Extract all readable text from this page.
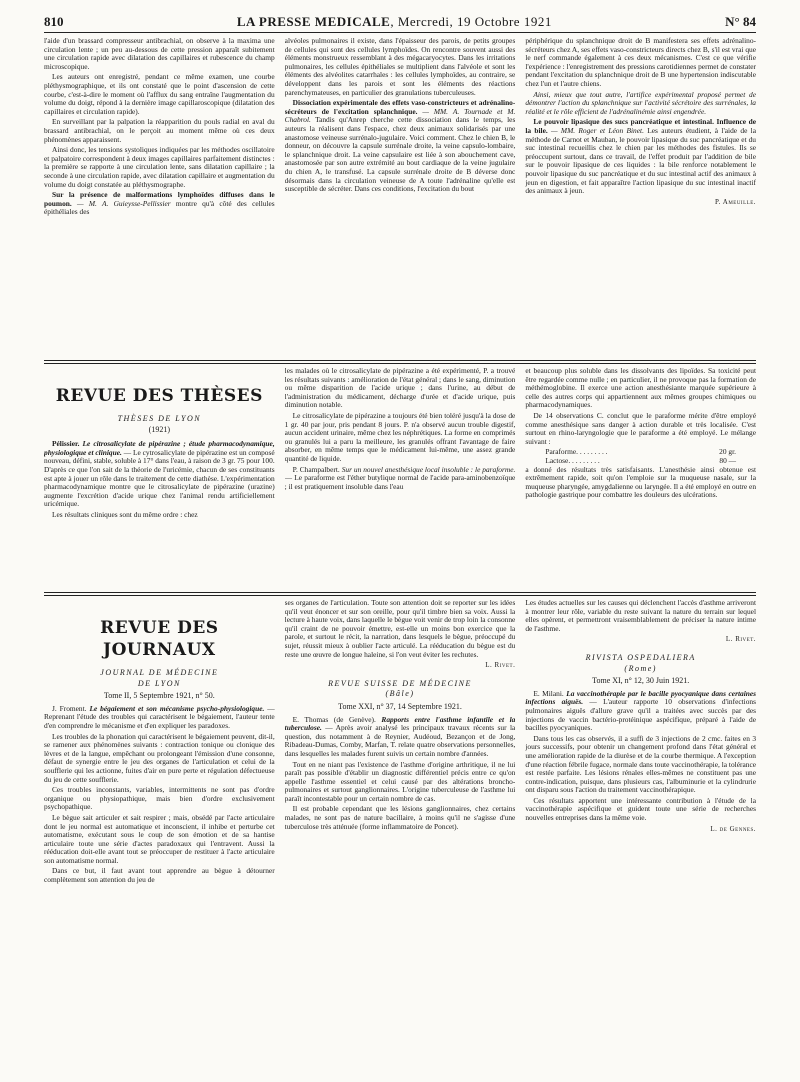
810	LA PRESSE MEDICALE, Mercredi, 19 Octobre 1921	N° 84

l'aide d'un brassard compresseur antibrachial, on observe à la maxima une circulation lente ; un peu au-dessous de cette pression apparaît subitement une circulation rapide avec dilatation des capillaires et rubescence du champ microscopique.

Les auteurs ont enregistré, pendant ce même examen, une courbe pléthysmographique, et ils ont constaté que le point d'ascension de cette courbe, c'est-à-dire le moment où l'afflux du sang entraîne l'augmentation du volume du doigt, répond à la dernière image capillaroscopique (dilatation des capillaires et circulation rapide).

En surveillant par la palpation la réapparition du pouls radial en aval du brassard antibrachial, on le perçoit au moment même où ces deux phénomènes apparaissent.

Ainsi donc, les tensions systoliques indiquées par les méthodes oscillatoire et palpatoire correspondent à deux images capillaires parfaitement distinctes : la première se rapporte à une circulation lente, sans dilatation capillaire ; la seconde à une circulation rapide, avec dilatation capillaire et augmentation du volume du doigt constatée au pléthysmographe.

Sur la présence de malformations lymphoïdes diffuses dans le poumon. — M. A. Guieysse-Pellissier montre qu'à côté des cellules épithéliales des

alvéoles pulmonaires il existe, dans l'épaisseur des parois, de petits groupes de cellules qui sont des cellules lymphoïdes. On rencontre souvent aussi des éléments monstrueux ressemblant à des mégacaryocytes. Dans les irritations pulmonaires, les cellules épithéliales se multiplient dans l'alvéole et sont les éléments des alvéolites catarrhales : les cellules lymphoïdes, au contraire, se développent dans les parois et sont les éléments des réactions parenchymateuses, en particulier des granulations tuberculeuses.

Dissociation expérimentale des effets vaso-constricteurs et adrénalino-sécréteurs de l'excitation splanchnique. — MM. A. Tournade et M. Chabrol. Tandis qu'Anrep cherche cette dissociation dans le temps, les auteurs la réalisent dans l'espace, chez deux animaux solidarisés par une anastomose veineuse surrénalo-jugulaire. Voici comment. Chez le chien B, le donneur, on découvre la capsule surrénale droite, la veine capsulo-lombaire, le splanchnique droit. La veine capsulaire est liée à son abouchement cave, anastomosée par son autre extrémité au bout cardiaque de la veine jugulaire du chien A, le transfusé. La capsule surrénale droite de B déverse donc désormais dans la circulation veineuse de A toute l'adrénaline qu'elle est susceptible de sécréter. Dans ces conditions, l'excitation du bout

périphérique du splanchnique droit de B manifestera ses effets adrénalino-sécréteurs chez A, ses effets vaso-constricteurs directs chez B, s'il est vrai que le nerf commande également à ces deux mécanismes. C'est ce que vérifie l'expérience : l'enregistrement des pressions carotidiennes permet de constater pendant l'excitation du splanchnique droit de B une hypertension indiscutable chez l'un et l'autre chiens.

Ainsi, mieux que tout autre, l'artifice expérimental proposé permet de démontrer l'action du splanchnique sur l'activité sécrétoire des surrénales, la réalité et le rôle efficient de l'adrénalinémie ainsi engendrée.

Le pouvoir lipasique des sucs pancréatique et intestinal. Influence de la bile. — MM. Roger et Léon Binet. Les auteurs étudient, à l'aide de la méthode de Carnot et Mauban, le pouvoir lipasique du suc pancréatique et du suc intestinal recueillis chez le chien par les méthodes des fistules. Ils se préoccupent surtout, dans ce travail, de l'effet produit par l'addition de bile sur le pouvoir lipasique de ces liquides : la bile renforce notablement le pouvoir lipasique du suc pancréatique et du suc intestinal actif des animaux à jeun en digestion, et fait apparaître l'action lipasique du suc intestinal inactif des animaux à jeun.

P. Ameuille.
REVUE DES THÈSES
THÈSES DE LYON
(1921)

Pélissier. Le citrosalicylate de pipérazine ; étude pharmacodynamique, physiologique et clinique. — Le cytrosalicylate de pipérazine est un composé nouveau, défini, stable, soluble à 17° dans l'eau, à raison de 3 gr. 75 pour 100. D'après ce que l'on sait de la théorie de l'uricémie, chacun de ses constituants est apte à jouer un rôle dans le traitement de cette diathèse. L'expérimentation pharmacodynamique montre que le citrosalicylate de pipérazine (urazine) augmente l'excrétion d'acide urique chez l'animal rendu artificiellement uricémique.

Les résultats cliniques sont du même ordre : chez

les malades où le citrosalicylate de pipérazine a été expérimenté, P. a trouvé les résultats suivants : amélioration de l'état général ; dans le sang, diminution ou même disparition de l'acide urique ; dans l'urine, au début de l'administration du médicament, décharge d'urée et d'acide urique, puis diminution notable.

Le citrosalicylate de pipérazine a toujours été bien toléré jusqu'à la dose de 1 gr. 40 par jour, pris pendant 8 jours. P. n'a observé aucun trouble digestif, aucun accident urinaire, même chez les néphrétiques. La forme en comprimés ou granulés lui a paru la meilleure, les granulés offrant l'avantage de faire absorber, en même temps que le médicament lui-même, une assez grande quantité de liquide.

P. Champalbert. Sur un nouvel anesthésique local insoluble : le paraforme. — Le paraforme est l'éther butylique normal de l'acide para-aminobenzoïque ; il est pratiquement insoluble dans l'eau

et beaucoup plus soluble dans les dissolvants des lipoïdes. Sa toxicité peut être regardée comme nulle ; en particulier, il ne provoque pas la formation de méthémoglobine. Il exerce une action anesthésiante marquée supérieure à celle des autres corps qui appartiennent aux mêmes groupes chimiques ou pharmacodynamiques.

De 14 observations C. conclut que le paraforme mérite d'être employé comme anesthésique sans danger à action durable et très localisée. C'est surtout en rhino-laryngologie que le paraforme a été employé. Le mélange suivant :

Paraforme. . . . . . . . .	20 gr.
Lactose. . . . . . . . .	80 —

a donné des résultats très satisfaisants. L'anesthésie ainsi obtenue est extrêmement rapide, soit qu'on l'emploie sur la muqueuse nasale, sur la muqueuse pharyngée, amygdalienne ou laryngée. Il a été employé en outre en pathologie gastrique pour combattre les douleurs des ulcérations.

REVUE DES JOURNAUX
JOURNAL DE MÉDECINE
DE LYON
Tome II, 5 Septembre 1921, n° 50.

J. Froment. Le bégaiement et son mécanisme psycho-physiologique. — Reprenant l'étude des troubles qui caractérisent le bégaiement, l'auteur tente d'en comprendre le mécanisme et d'en expliquer les paradoxes.

Les troubles de la phonation qui caractérisent le bégaiement peuvent, dit-il, se ramener aux phénomènes suivants : contraction tonique ou clonique des lèvres et de la langue, empêchant ou prolongeant l'émission d'une consonne, défaut de synergie entre le jeu des organes de l'articulation et celui de la soufflerie qui les actionne, fuites d'air en pure perte et régulation défectueuse du jeu de cette soufflerie.

Ces troubles inconstants, variables, intermittents ne sont pas d'ordre organique ou physiopathique, mais bien d'ordre exclusivement psychopathique.

Le bègue sait articuler et sait respirer ; mais, obsédé par l'acte articulaire dont le jeu normal est automatique et inconscient, il inhibe et perturbe cet automatisme, exécutant sous le coup de son émotion et de sa hantise articulaire toute une série d'actes paradoxaux qui l'entravent. Aussi la rééducation doit-elle avant tout se préoccuper de restituer à l'acte articulaire son automatisme normal.

Dans ce but, il faut avant tout apprendre au bègue à détourner complètement son attention du jeu de

ses organes de l'articulation. Toute son attention doit se reporter sur les idées qu'il veut énoncer et sur son oreille, pour qu'il timbre bien sa voix. Aussi la lecture à haute voix, dans laquelle le bègue voit venir de trop loin la consonne qu'il craint de ne pouvoir émettre, est-elle un moins bon exercice que la parole, et surtout le récit, la narration, dans lesquels le bègue, préoccupé du sujet, réussit mieux à oublier l'acte articulé. La rééducation du bègue est du reste une œuvre de longue haleine, si l'on veut éviter les rechutes.

L. Rivet.
REVUE SUISSE DE MÉDECINE
(Bâle)
Tome XXI, n° 37, 14 Septembre 1921.

E. Thomas (de Genève). Rapports entre l'asthme infantile et la tuberculose. — Après avoir analysé les principaux travaux récents sur la question, dus notamment à de Reynier, Audéoud, Bezançon et de Jong, Ribadeau-Dumas, Comby, Marfan, T. relate quatre observations personnelles, dans lesquelles les malades furent suivis un certain nombre d'années.

Tout en ne niant pas l'existence de l'asthme d'origine arthritique, il ne lui paraît pas possible d'établir un diagnostic différentiel précis entre ce qu'on appelle l'asthme essentiel et celui causé par des altérations broncho-pulmonaires et surtout ganglionnaires. L'origine tuberculeuse de l'asthme lui paraît incontestable pour un certain nombre de cas.

Il est probable cependant que les lésions ganglionnaires, chez certains malades, ne sont pas de nature bacillaire, à moins qu'il ne s'agisse d'une tuberculose très atténuée (forme inflammatoire de Poncet).

Les études actuelles sur les causes qui déclenchent l'accès d'asthme arriveront à montrer leur rôle, variable du reste suivant la nature du terrain sur lequel elles opèrent, et permettront vraisemblablement de préciser la nature intime de l'asthme.

L. Rivet.
RIVISTA OSPEDALIERA
(Rome)
Tome XI, n° 12, 30 Juin 1921.

E. Milani. La vaccinothérapie par le bacille pyocyanique dans certaines infections aiguës. — L'auteur rapporte 10 observations d'infections pulmonaires aiguës d'allure grave qu'il a traitées avec succès par des injections de vaccin bactério-protéinique aspécifique, préparé à l'aide de bacilles pyocyaniques.

Dans tous les cas observés, il a suffi de 3 injections de 2 cmc. faites en 3 jours successifs, pour obtenir un changement profond dans l'état général et une amélioration rapide de la diurèse et de la courbe thermique. A l'exception d'une réaction fébrile fugace, normale dans toute vaccinothérapie, la tolérance est restée parfaite. Les lésions rénales elles-mêmes ne constituent pas une contre-indication, puisque, dans plusieurs cas, l'albuminurie et la cylindrurie ont disparu sous l'action du traitement vaccinothérapique.

Ces résultats apportent une intéressante contribution à l'étude de la vaccinothérapie aspécifique et guident toute une série de recherches nouvelles entreprises dans la même voie.

L. de Gennes.
